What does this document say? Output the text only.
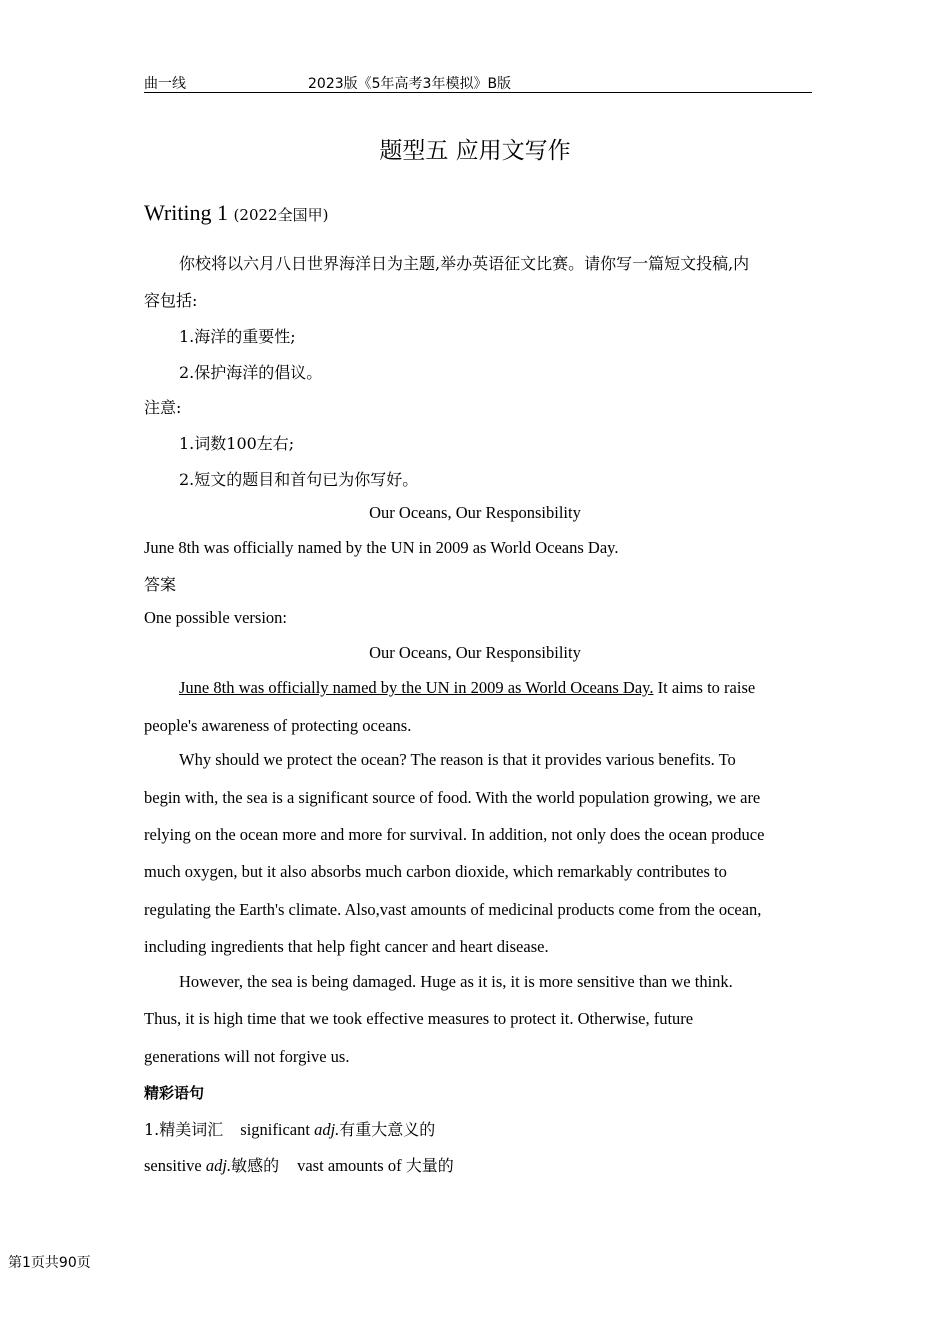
曲一线	2023版《5年高考3年模拟》B版
题型五 应用文写作
Writing 1 (2022全国甲)
你校将以六月八日世界海洋日为主题,举办英语征文比赛。请你写一篇短文投稿,内
容包括:
1.海洋的重要性;
2.保护海洋的倡议。
注意:
1.词数100左右;
2.短文的题目和首句已为你写好。
Our Oceans, Our Responsibility
June 8th was officially named by the UN in 2009 as World Oceans Day.
答案
One possible version:
Our Oceans, Our Responsibility
June 8th was officially named by the UN in 2009 as World Oceans Day. It aims to raise
people's awareness of protecting oceans.
Why should we protect the ocean? The reason is that it provides various benefits. To
begin with, the sea is a significant source of food. With the world population growing, we are
relying on the ocean more and more for survival. In addition, not only does the ocean produce
much oxygen, but it also absorbs much carbon dioxide, which remarkably contributes to
regulating the Earth's climate. Also,vast amounts of medicinal products come from the ocean,
including ingredients that help fight cancer and heart disease.
However, the sea is being damaged. Huge as it is, it is more sensitive than we think.
Thus, it is high time that we took effective measures to protect it. Otherwise, future
generations will not forgive us.
精彩语句
1.精美词汇 significant adj.有重大意义的
sensitive adj.敏感的 vast amounts of 大量的
第1页共90页
